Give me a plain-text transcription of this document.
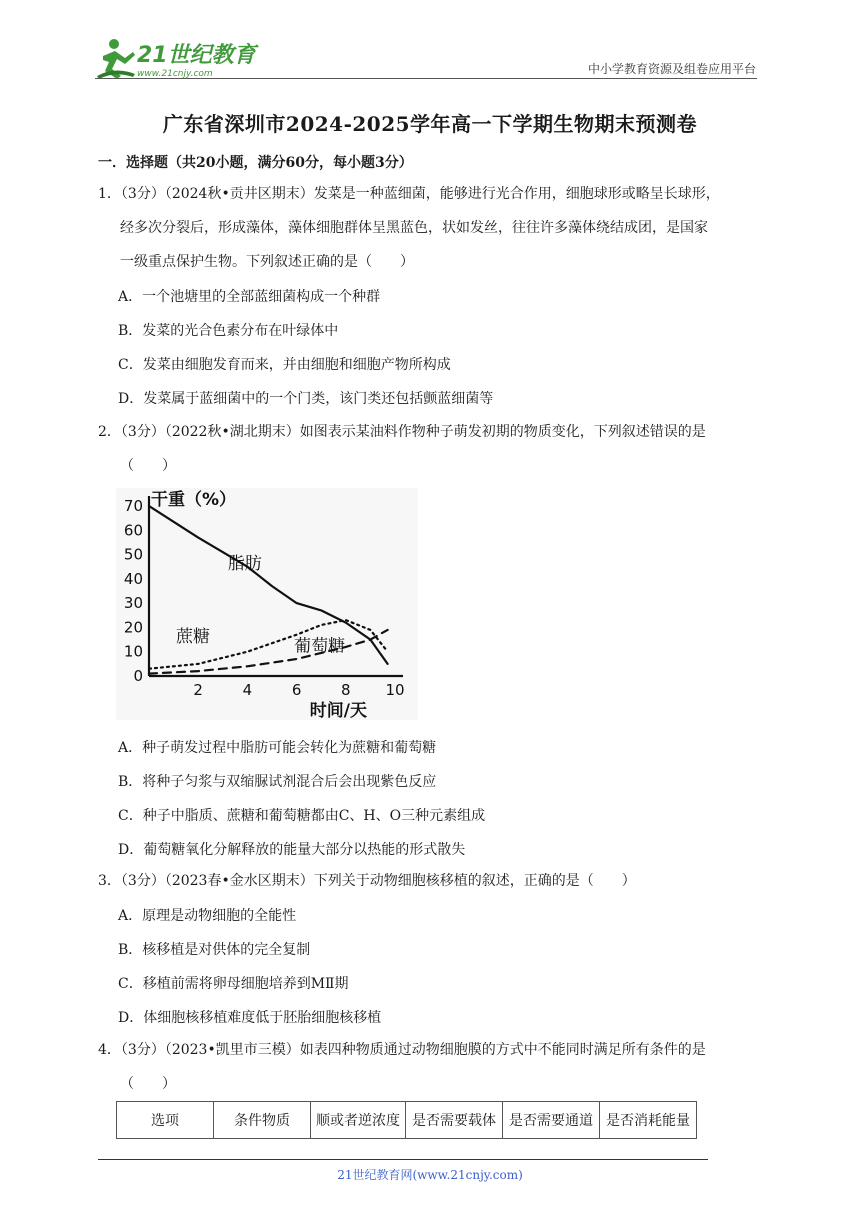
21世纪教育
www.21cnjy.com	中小学教育资源及组卷应用平台
广东省深圳市2024-2025学年高一下学期生物期末预测卷
一．选择题（共20小题，满分60分，每小题3分）

1．（3分）（2024秋•贡井区期末）发菜是一种蓝细菌，能够进行光合作用，细胞球形或略呈长球形，

经多次分裂后，形成藻体，藻体细胞群体呈黑蓝色，状如发丝，往往许多藻体绕结成团，是国家

一级重点保护生物。下列叙述正确的是（　　）

A．一个池塘里的全部蓝细菌构成一个种群
B．发菜的光合色素分布在叶绿体中
C．发菜由细胞发育而来，并由细胞和细胞产物所构成
D．发菜属于蓝细菌中的一个门类，该门类还包括颤蓝细菌等

2．（3分）（2022秋•湖北期末）如图表示某油料作物种子萌发初期的物质变化，下列叙述错误的是

（　　）

0
10
20
30
40
50
60
70
2	4	6	8 10
干重（%）
时间/天
脂肪
蔗糖	葡萄糖
A．种子萌发过程中脂肪可能会转化为蔗糖和葡萄糖
B．将种子匀浆与双缩脲试剂混合后会出现紫色反应
C．种子中脂质、蔗糖和葡萄糖都由C、H、O三种元素组成
D．葡萄糖氧化分解释放的能量大部分以热能的形式散失

3．（3分）（2023春•金水区期末）下列关于动物细胞核移植的叙述，正确的是（　　）

A．原理是动物细胞的全能性
B．核移植是对供体的完全复制
C．移植前需将卵母细胞培养到MⅡ期
D．体细胞核移植难度低于胚胎细胞核移植

4．（3分）（2023•凯里市三模）如表四种物质通过动物细胞膜的方式中不能同时满足所有条件的是

（　　）

选项	条件物质	顺或者逆浓度	是否需要载体	是否需要通道	是否消耗能量
21世纪教育网(www.21cnjy.com)
